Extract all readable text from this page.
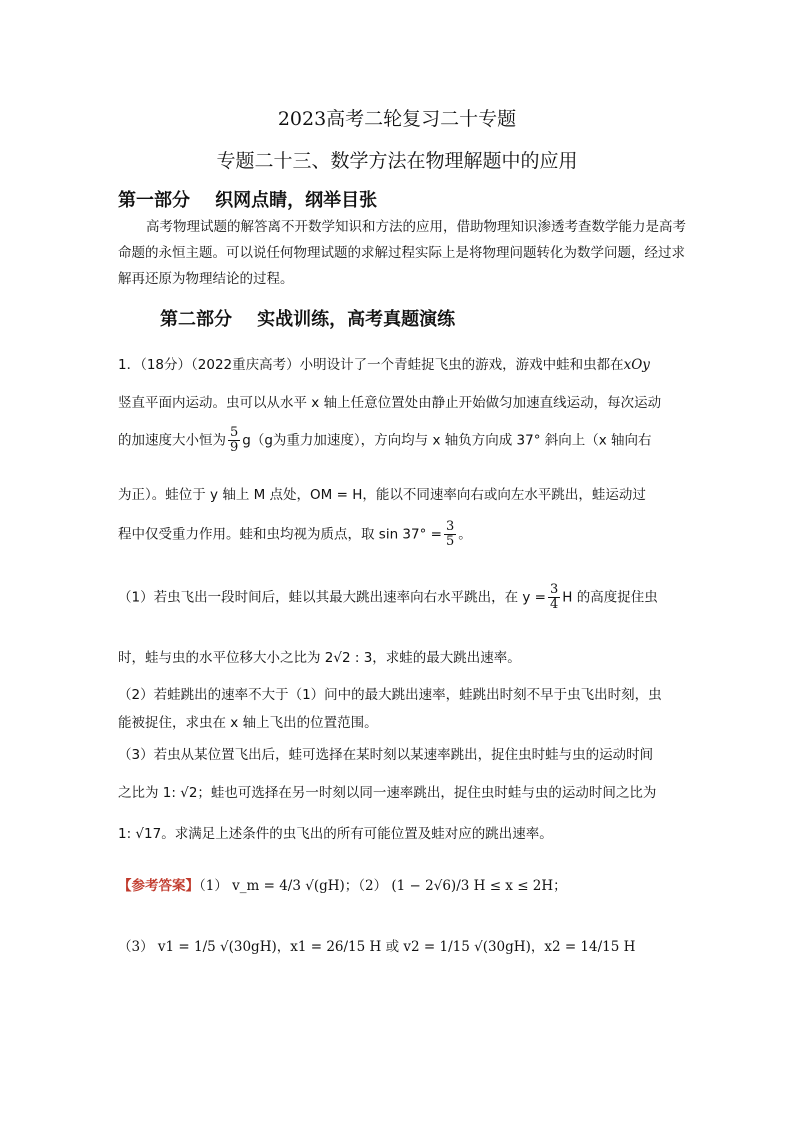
2023高考二轮复习二十专题
专题二十三、数学方法在物理解题中的应用
第一部分    织网点睛，纲举目张
高考物理试题的解答离不开数学知识和方法的应用，借助物理知识渗透考查数学能力是高考命题的永恒主题。可以说任何物理试题的求解过程实际上是将物理问题转化为数学问题，经过求解再还原为物理结论的过程。
第二部分    实战训练，高考真题演练
1．（18分）（2022重庆高考）小明设计了一个青蛙捉飞虫的游戏，游戏中蛙和虫都在xOy
竖直平面内运动。虫可以从水平 x 轴上任意位置处由静止开始做匀加速直线运动，每次运动
的加速度大小恒为 $\frac{5}{9} g(g$为重力加速度），方向均与 x 轴负方向成 37° 斜向上（x 轴向右
为正）。蛙位于 y 轴上 M 点处，OM = H，能以不同速率向右或向左水平跳出，蛙运动过
程中仅受重力作用。蛙和虫均视为质点，取 $\sin 37^\circ = \frac{3}{5}$ 。
（1）若虫飞出一段时间后，蛙以其最大跳出速率向右水平跳出，在 $y = \frac{3}{4}$ H 的高度捉住虫
时，蛙与虫的水平位移大小之比为 2√2 : 3，求蛙的最大跳出速率。
（2）若蛙跳出的速率不大于（1）问中的最大跳出速率，蛙跳出时刻不早于虫飞出时刻，虫
能被捉住，求虫在 x 轴上飞出的位置范围。
（3）若虫从某位置飞出后，蛙可选择在某时刻以某速率跳出，捉住虫时蛙与虫的运动时间
之比为 1: √2；蛙也可选择在另一时刻以同一速率跳出，捉住虫时蛙与虫的运动时间之比为
1: √17。求满足上述条件的虫飞出的所有可能位置及蛙对应的跳出速率。
【参考答案】（1） v_m = 4/3 √(gH)；（2） (1 − 2√6)/3 H ≤ x ≤ 2H；
（3） v1 = 1/5 √(30gH)，x1 = 26/15 H 或 v2 = 1/15 √(30gH)，x2 = 14/15 H
